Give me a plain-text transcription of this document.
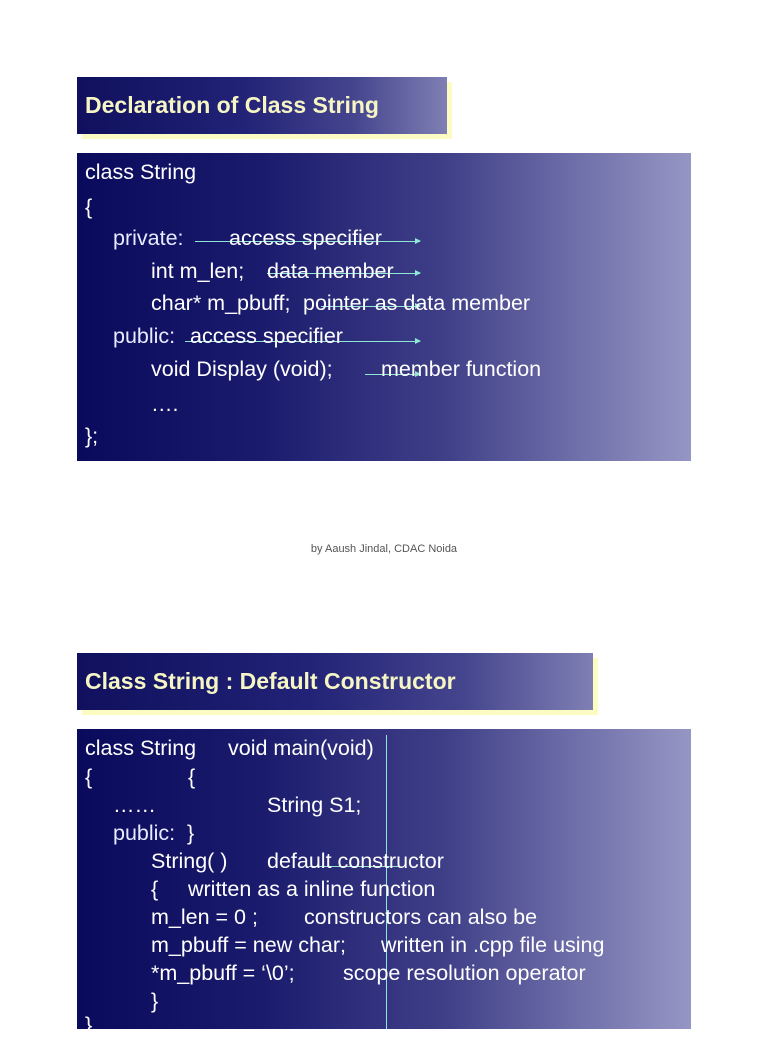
Declaration of Class String
class String
{
private: access specifier
int m_len; data member
char* m_pbuff; pointer as data member
public: access specifier
void Display (void); member function
….
};
by Aaush Jindal, CDAC Noida
Class String : Default Constructor
class String void main(void)
{	{
……	String S1;
public: }
String( ) default constructor
{ written as a inline function
m_len = 0 ; constructors can also be
m_pbuff = new char; written in .cpp file using
*m_pbuff = ‘\0’; scope resolution operator
}
}
